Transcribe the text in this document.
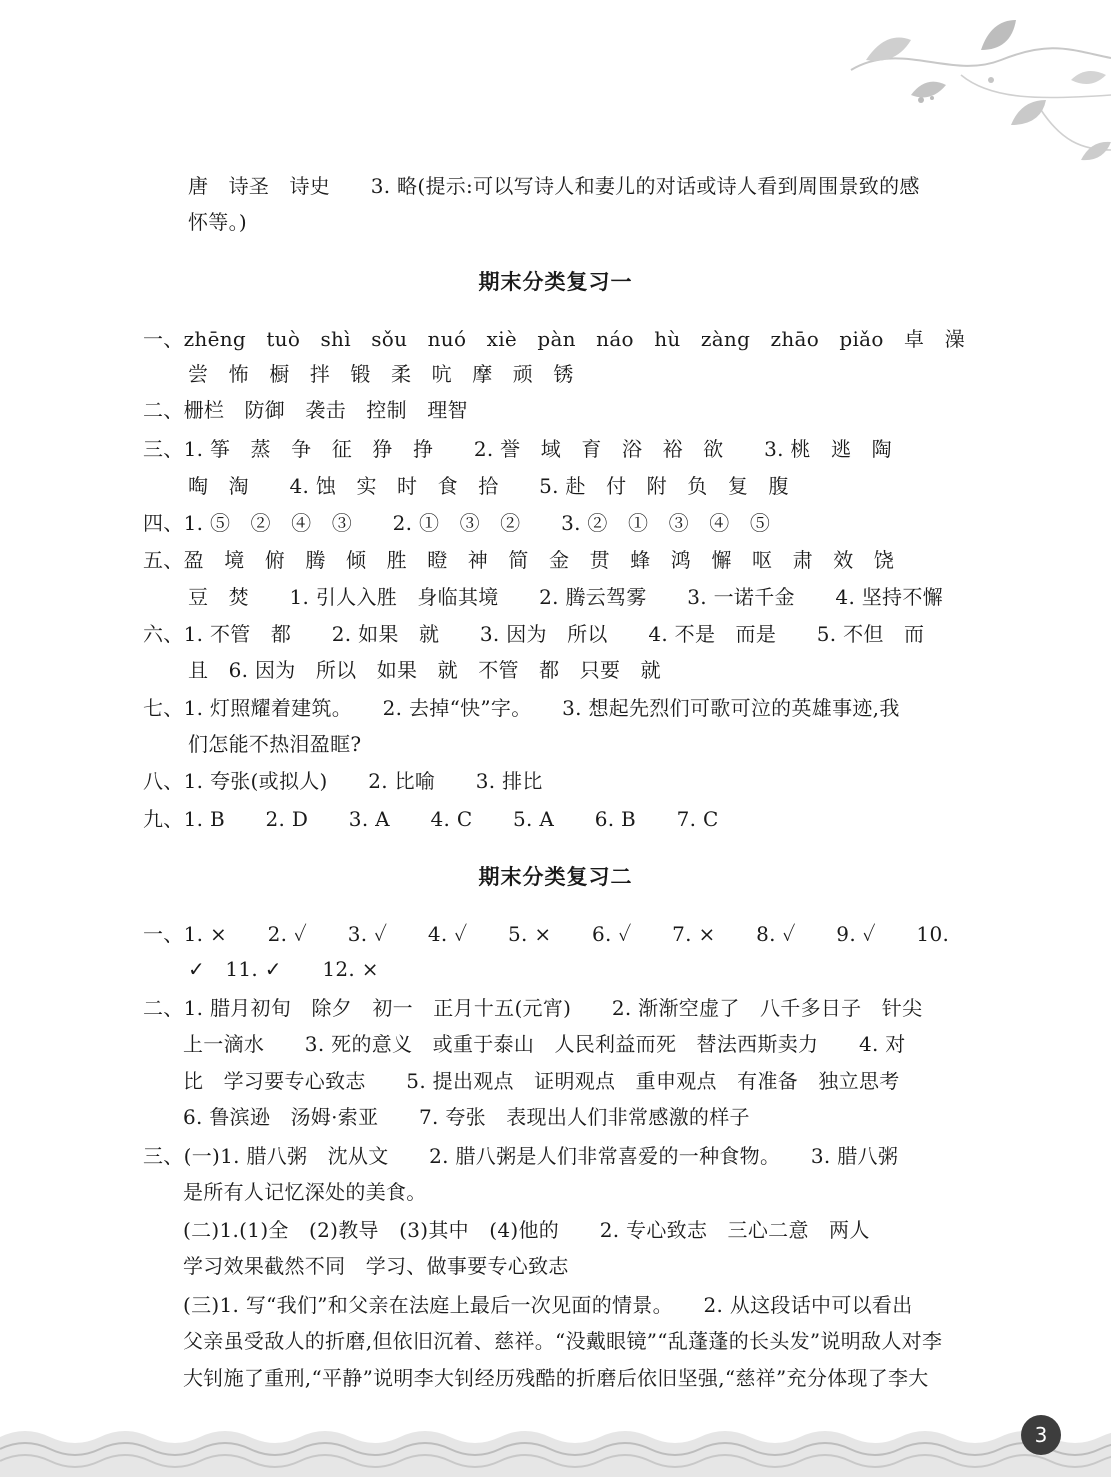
唐　诗圣　诗史　　3. 略(提示:可以写诗人和妻儿的对话或诗人看到周围景致的感
怀等。)
期末分类复习一
一、zhēng　tuò　shì　sǒu　nuó　xiè　pàn　náo　hù　zàng　zhāo　piǎo　卓　澡
尝　怖　橱　拌　锻　柔　吭　摩　顽　锈
二、栅栏　防御　袭击　控制　理智
三、1. 筝　蒸　争　征　狰　挣　　2. 誉　域　育　浴　裕　欲　　3. 桃　逃　陶
啕　淘　　4. 蚀　实　时　食　拾　　5. 赴　付　附　负　复　腹
四、1. ⑤　②　④　③　　2. ①　③　②　　3. ②　①　③　④　⑤
五、盈　境　俯　腾　倾　胜　瞪　神　简　金　贯　蜂　鸿　懈　呕　肃　效　饶
豆　焚　　1. 引人入胜　身临其境　　2. 腾云驾雾　　3. 一诺千金　　4. 坚持不懈
六、1. 不管　都　　2. 如果　就　　3. 因为　所以　　4. 不是　而是　　5. 不但　而
且　6. 因为　所以　如果　就　不管　都　只要　就
七、1. 灯照耀着建筑。　　2. 去掉“快”字。　　3. 想起先烈们可歌可泣的英雄事迹,我
们怎能不热泪盈眶?
八、1. 夸张(或拟人)　　2. 比喻　　3. 排比
九、1. B　　2. D　　3. A　　4. C　　5. A　　6. B　　7. C
期末分类复习二
一、1. ×　　2. ✓　　3. ✓　　4. ✓　　5. ×　　6. ✓　　7. ×　　8. ✓　　9. ✓　　10.
✓　11. ✓　　12. ×
二、1. 腊月初旬　除夕　初一　正月十五(元宵)　　2. 渐渐空虚了　八千多日子　针尖
上一滴水　　3. 死的意义　或重于泰山　人民利益而死　替法西斯卖力　　4. 对
比　学习要专心致志　　5. 提出观点　证明观点　重申观点　有准备　独立思考
6. 鲁滨逊　汤姆·索亚　　7. 夸张　表现出人们非常感激的样子
三、(一)1. 腊八粥　沈从文　　2. 腊八粥是人们非常喜爱的一种食物。　　3. 腊八粥
是所有人记忆深处的美食。
(二)1.(1)全　(2)教导　(3)其中　(4)他的　　2. 专心致志　三心二意　两人
学习效果截然不同　学习、做事要专心致志
(三)1. 写“我们”和父亲在法庭上最后一次见面的情景。　　2. 从这段话中可以看出
父亲虽受敌人的折磨,但依旧沉着、慈祥。“没戴眼镜”“乱蓬蓬的长头发”说明敌人对李
大钊施了重刑,“平静”说明李大钊经历残酷的折磨后依旧坚强,“慈祥”充分体现了李大
3
